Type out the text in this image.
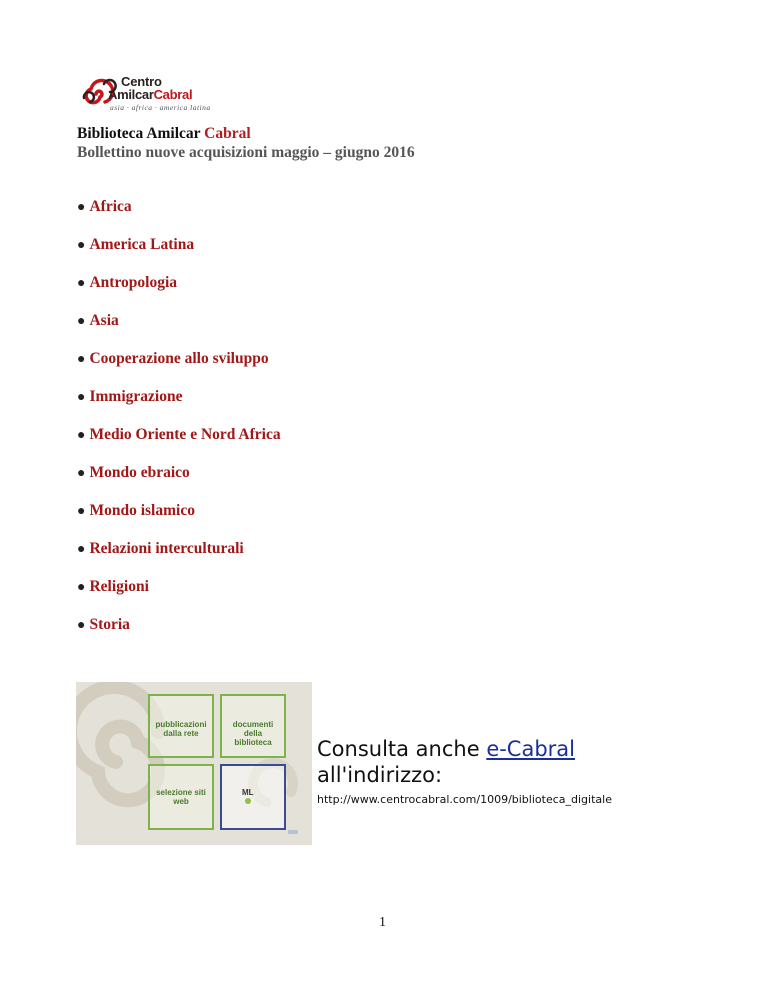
Centro
AmilcarCabral
asia · africa · america latina
Biblioteca Amilcar Cabral
Bollettino nuove acquisizioni maggio – giugno 2016
● Africa
● America Latina
● Antropologia
● Asia
● Cooperazione allo sviluppo
● Immigrazione
● Medio Oriente e Nord Africa
● Mondo ebraico
● Mondo islamico
● Relazioni interculturali
● Religioni
● Storia
pubblicazioni dalla rete
documenti della biblioteca
selezione siti web
ML
Consulta anche e-Cabral
all'indirizzo:
http://www.centrocabral.com/1009/biblioteca_digitale
1
